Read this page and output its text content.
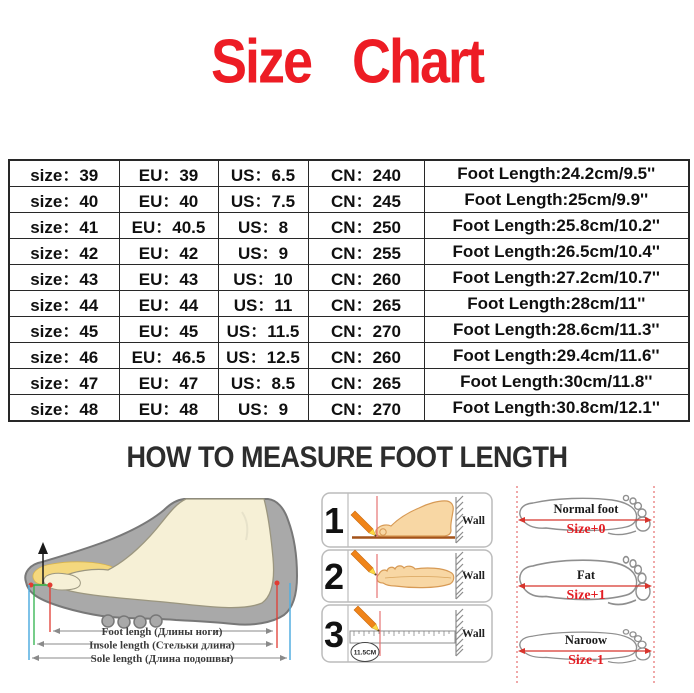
Size Chart
size：39	EU：39	US：6.5	CN：240	Foot Length:24.2cm/9.5''
size：40	EU：40	US：7.5	CN：245	Foot Length:25cm/9.9''
size：41	EU：40.5	US：8	CN：250	Foot Length:25.8cm/10.2''
size：42	EU：42	US：9	CN：255	Foot Length:26.5cm/10.4''
size：43	EU：43	US：10	CN：260	Foot Length:27.2cm/10.7''
size：44	EU：44	US：11	CN：265	Foot Length:28cm/11''
size：45	EU：45	US：11.5	CN：270	Foot Length:28.6cm/11.3''
size：46	EU：46.5	US：12.5	CN：260	Foot Length:29.4cm/11.6''
size：47	EU：47	US：8.5	CN：265	Foot Length:30cm/11.8''
size：48	EU：48	US：9	CN：270	Foot Length:30.8cm/12.1''
HOW TO MEASURE FOOT LENGTH
Foot lengh (Длины ноги)
Insole length (Стельки длина)
Sole length (Длина подошвы)
1	Wall
2	Wall
3 11.5CM
Wall
Normal foot
Size+0
Fat
Size+1
Naroow
Size-1
